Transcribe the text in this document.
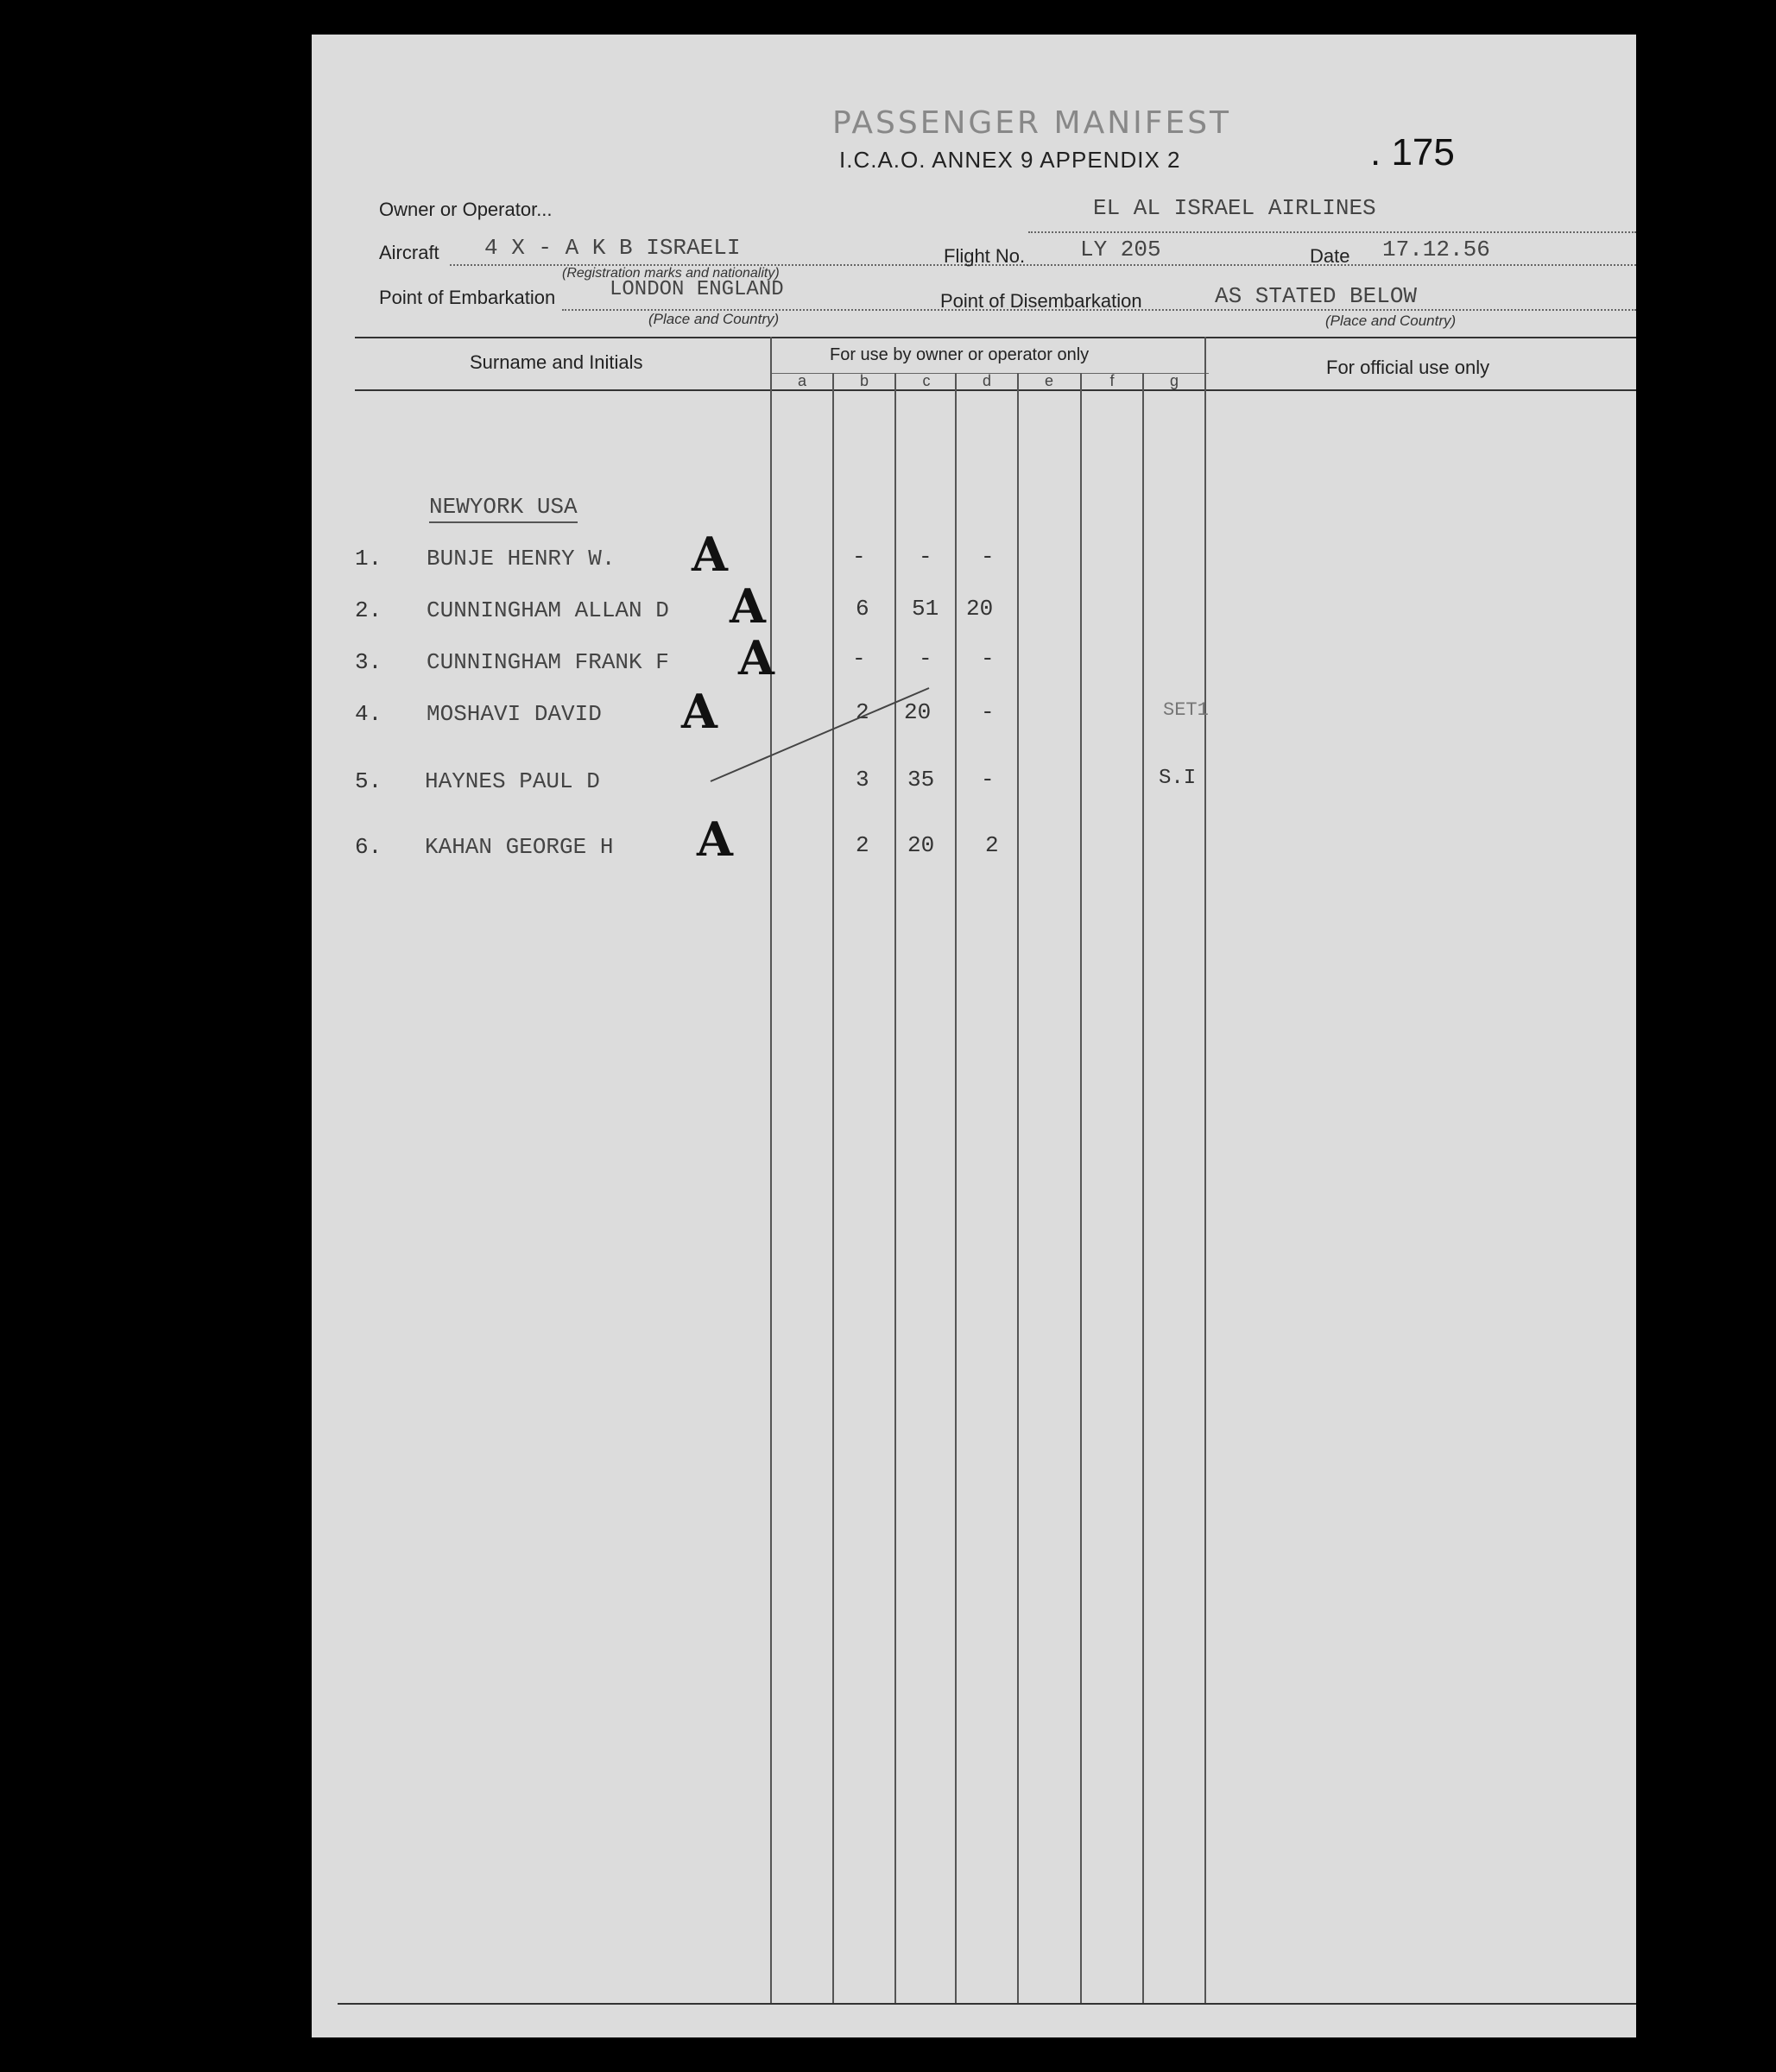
PASSENGER MANIFEST
I.C.A.O. ANNEX 9 APPENDIX 2	. 175
Owner or Operator...	EL AL ISRAEL AIRLINES
Aircraft 4 X - A K B ISRAELI
(Registration marks and nationality)
Flight No. LY 205	Date 17.12.56
Point of Embarkation	LONDON ENGLAND
(Place and Country)
Point of Disembarkation	AS STATED BELOW
(Place and Country)
Surname and Initials	For use by owner or operator only
For official use only
a	b	c	d	e	f	g
NEWYORK USA
1. BUNJE HENRY W. A	- - -
2. CUNNINGHAM ALLAN D A	6 51 20
3. CUNNINGHAM FRANK F A	- - -
4. MOSHAVI DAVID A	2 20 -	SET1
5. HAYNES PAUL D	3 35 -	S.I
6. KAHAN GEORGE H A	2 20 2
